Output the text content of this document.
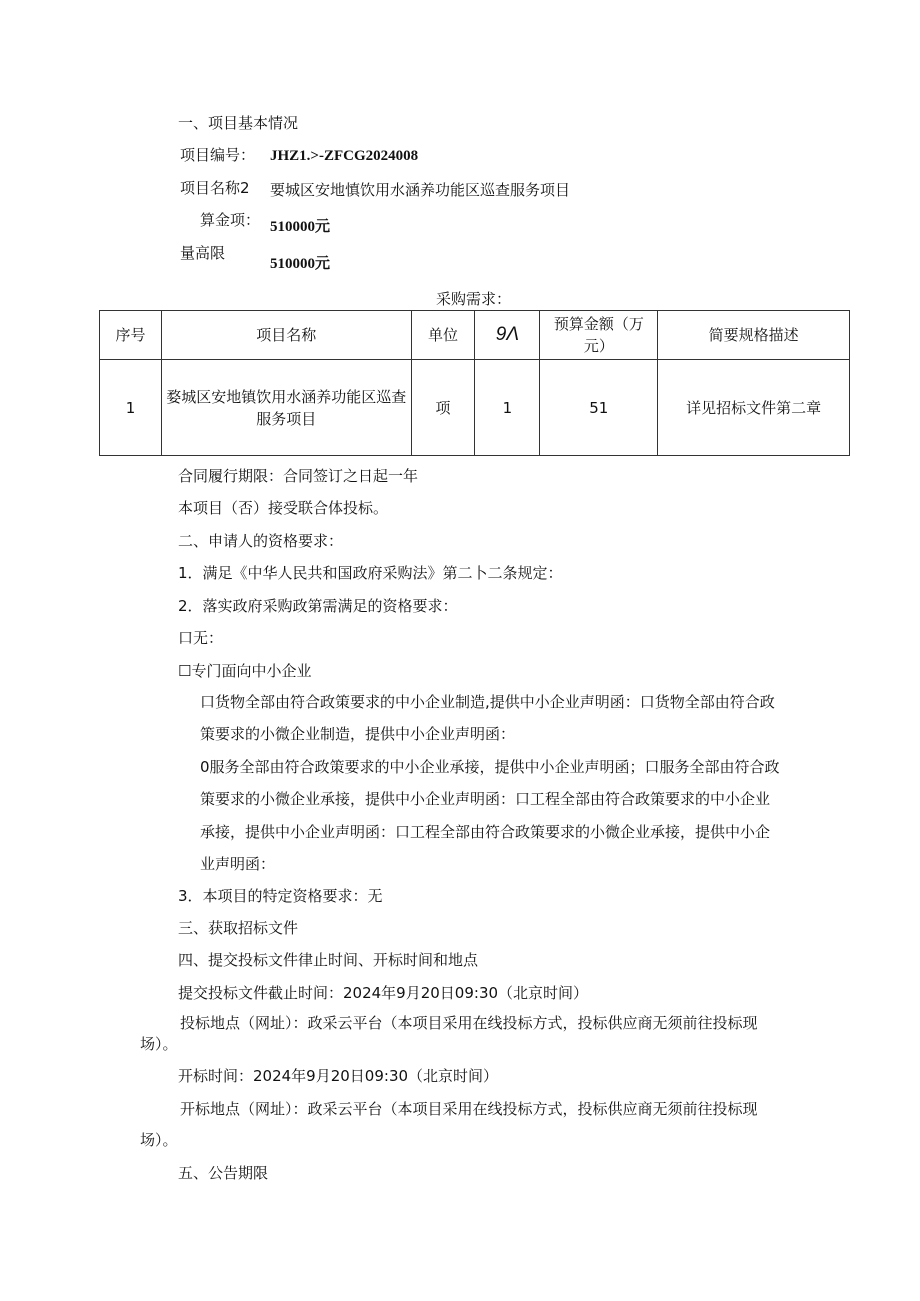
一、项目基本情况
项目编号： JHZ1.>-ZFCG2024008
项目名称2 要城区安地慎饮用水涵养功能区巡查服务项目
算金项： 510000元
量高限
510000元
采购需求：
序号	项目名称	单位	9Λ	预算金额（万元）	简要规格描述
1	婺城区安地镇饮用水涵养功能区巡查服务项目	项	1	51	详见招标文件第二章
合同履行期限：合同签订之日起一年
本项目（否）接受联合体投标。
二、申请人的资格要求：
1．满足《中华人民共和国政府采购法》第二卜二条规定：
2．落实政府采购政第需满足的资格要求：
口无：
☐专门面向中小企业
口货物全部由符合政策要求的中小企业制造,提供中小企业声明函：口货物全部由符合政
策要求的小微企业制造，提供中小企业声明函：
0服务全部由符合政策要求的中小企业承接，提供中小企业声明函；口服务全部由符合政
策要求的小微企业承接，提供中小企业声明函：口工程全部由符合政策要求的中小企业
承接，提供中小企业声明函：口工程全部由符合政策要求的小微企业承接，提供中小企
业声明函：
3．本项目的特定资格要求：无
三、获取招标文件
四、提交投标文件律止时间、开标时间和地点
提交投标文件截止时间：2024年9月20日09:30（北京时间）
投标地点（网址）：政采云平台（本项目采用在线投标方式，投标供应商无须前往投标现
场）。
开标时间：2024年9月20日09:30（北京时间）
开标地点（网址）：政采云平台（本项目采用在线投标方式，投标供应商无须前往投标现
场）。
五、公告期限
